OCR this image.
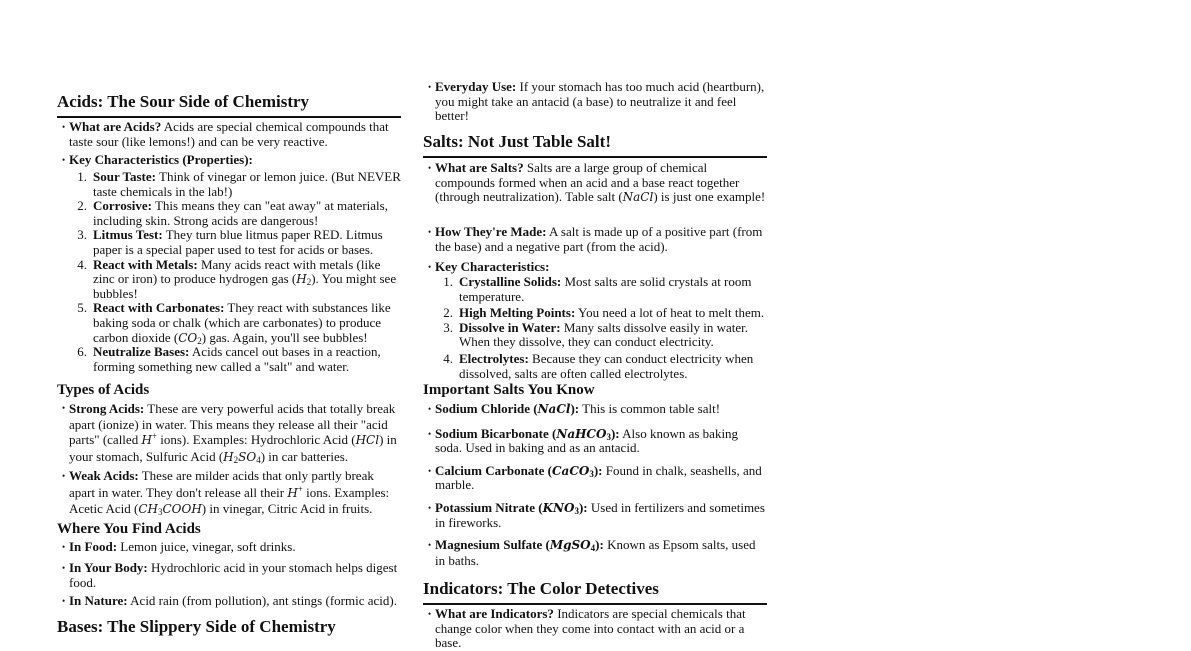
Acids: The Sour Side of Chemistry
• What are Acids? Acids are special chemical compounds that taste sour (like lemons!) and can be very reactive.
• Key Characteristics (Properties):
1. Sour Taste: Think of vinegar or lemon juice. (But NEVER taste chemicals in the lab!)
2. Corrosive: This means they can "eat away" at materials, including skin. Strong acids are dangerous!
3. Litmus Test: They turn blue litmus paper RED. Litmus paper is a special paper used to test for acids or bases.
4. React with Metals: Many acids react with metals (like zinc or iron) to produce hydrogen gas $(H_2)$. You might see bubbles!
5. React with Carbonates: They react with substances like baking soda or chalk (which are carbonates) to produce carbon dioxide $(CO_2)$ gas. Again, you'll see bubbles!
6. Neutralize Bases: Acids cancel out bases in a reaction, forming something new called a "salt" and water.
Types of Acids
• Strong Acids: These are very powerful acids that totally break apart (ionize) in water. This means they release all their "acid parts" (called H+ ions). Examples: Hydrochloric Acid (HCl) in your stomach, Sulfuric Acid $(H_2SO_4)$ in car batteries.
• Weak Acids: These are milder acids that only partly break apart in water. They don't release all their H+ ions. Examples: Acetic Acid $(CH_3COOH)$ in vinegar, Citric Acid in fruits.
Where You Find Acids
• In Food: Lemon juice, vinegar, soft drinks.
• In Your Body: Hydrochloric acid in your stomach helps digest food.
• In Nature: Acid rain (from pollution), ant stings (formic acid).
Bases: The Slippery Side of Chemistry
• Everyday Use: If your stomach has too much acid (heartburn), you might take an antacid (a base) to neutralize it and feel better!
Salts: Not Just Table Salt!
• What are Salts? Salts are a large group of chemical compounds formed when an acid and a base react together (through neutralization). Table salt (NaCl) is just one example!
• How They're Made: A salt is made up of a positive part (from the base) and a negative part (from the acid).
• Key Characteristics:
1. Crystalline Solids: Most salts are solid crystals at room temperature.
2. High Melting Points: You need a lot of heat to melt them.
3. Dissolve in Water: Many salts dissolve easily in water. When they dissolve, they can conduct electricity.
4. Electrolytes: Because they can conduct electricity when dissolved, salts are often called electrolytes.
Important Salts You Know
• Sodium Chloride (NaCl): This is common table salt!
• Sodium Bicarbonate (NaHCO$_3$): Also known as baking soda. Used in baking and as an antacid.
• Calcium Carbonate (CaCO$_3$): Found in chalk, seashells, and marble.
• Potassium Nitrate $(KNO_3)$: Used in fertilizers and sometimes in fireworks.
• Magnesium Sulfate (MgSO$_4$): Known as Epsom salts, used in baths.
Indicators: The Color Detectives
• What are Indicators? Indicators are special chemicals that change color when they come into contact with an acid or a base.
